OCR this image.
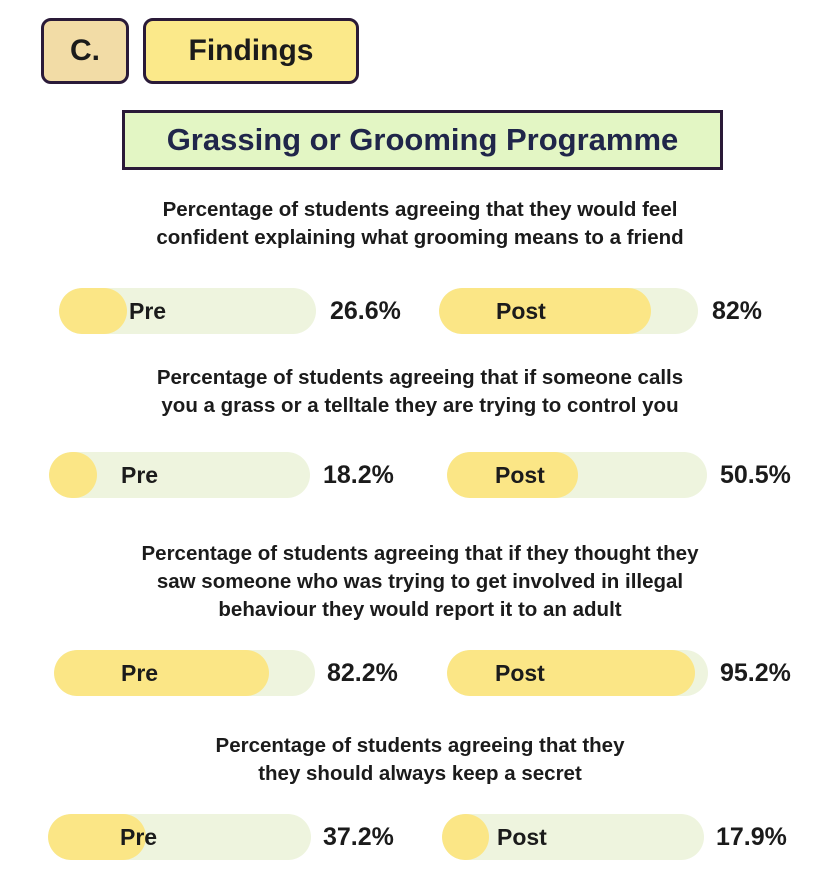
C.	Findings
Grassing or Grooming Programme

Percentage of students agreeing that they would feel
confident explaining what grooming means to a friend

Pre	26.6%	Post	82%

Percentage of students agreeing that if someone calls
you a grass or a telltale they are trying to control you

Pre	18.2%	Post	50.5%

Percentage of students agreeing that if they thought they
saw someone who was trying to get involved in illegal
behaviour they would report it to an adult

Pre	82.2%	Post	95.2%

Percentage of students agreeing that they
they should always keep a secret

Pre	37.2%	Post	17.9%
